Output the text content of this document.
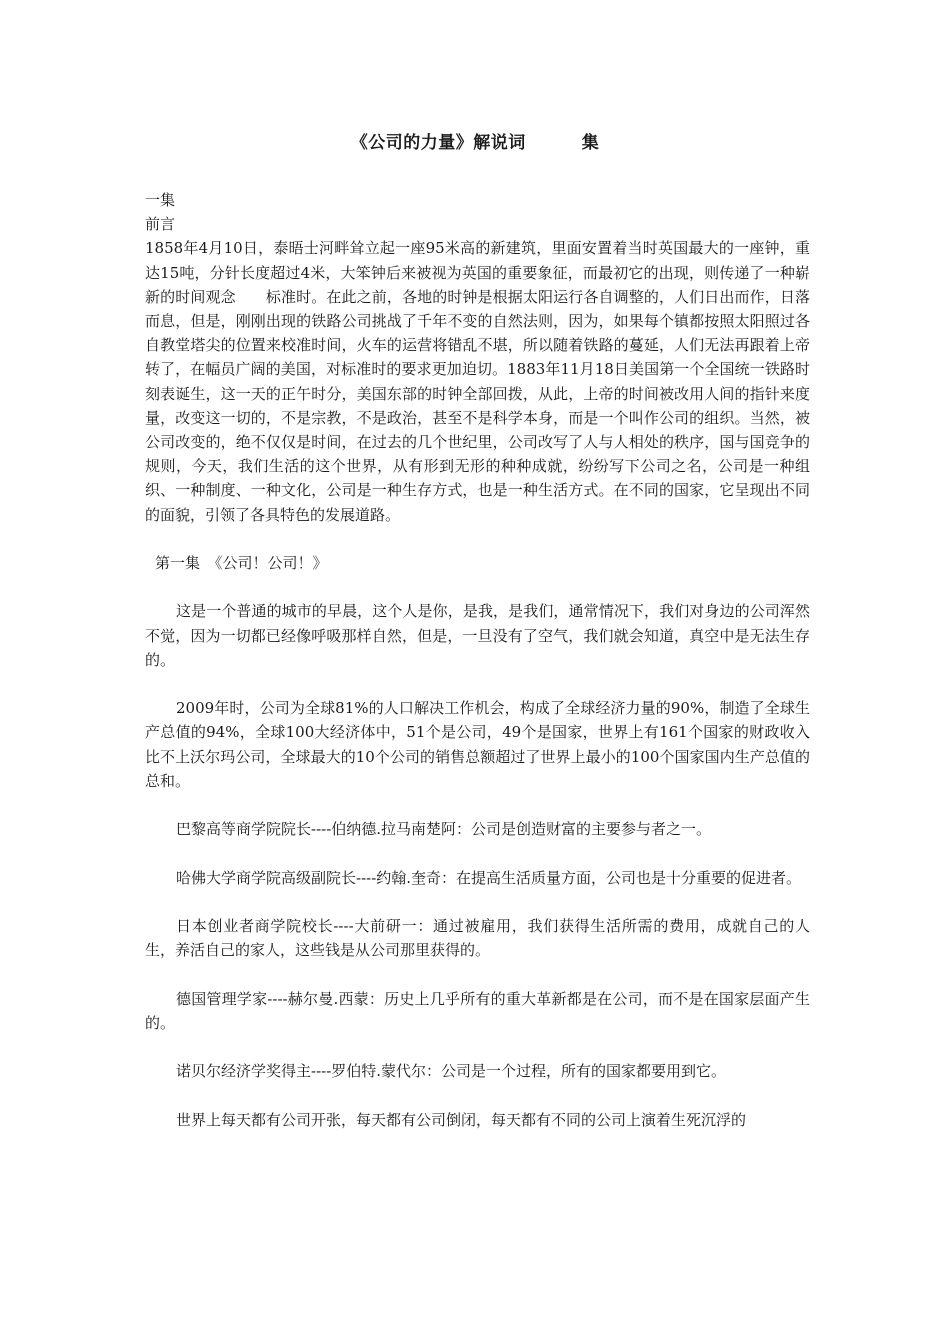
《公司的力量》解说词	集

一集

前言

1858年4月10日，泰晤士河畔耸立起一座95米高的新建筑，里面安置着当时英国最大的一座钟，重达15吨，分针长度超过4米，大笨钟后来被视为英国的重要象征，而最初它的出现，则传递了一种崭新的时间观念　　标准时。在此之前，各地的时钟是根据太阳运行各自调整的，人们日出而作，日落而息，但是，刚刚出现的铁路公司挑战了千年不变的自然法则，因为，如果每个镇都按照太阳照过各自教堂塔尖的位置来校准时间，火车的运营将错乱不堪，所以随着铁路的蔓延，人们无法再跟着上帝转了，在幅员广阔的美国，对标准时的要求更加迫切。1883年11月18日美国第一个全国统一铁路时刻表诞生，这一天的正午时分，美国东部的时钟全部回拨，从此，上帝的时间被改用人间的指针来度量，改变这一切的，不是宗教，不是政治，甚至不是科学本身，而是一个叫作公司的组织。当然，被公司改变的，绝不仅仅是时间，在过去的几个世纪里，公司改写了人与人相处的秩序，国与国竞争的规则，今天，我们生活的这个世界，从有形到无形的种种成就，纷纷写下公司之名，公司是一种组织、一种制度、一种文化，公司是一种生存方式，也是一种生活方式。在不同的国家，它呈现出不同的面貌，引领了各具特色的发展道路。

第一集　《公司！公司！》

这是一个普通的城市的早晨，这个人是你，是我，是我们，通常情况下，我们对身边的公司浑然不觉，因为一切都已经像呼吸那样自然，但是，一旦没有了空气，我们就会知道，真空中是无法生存的。

2009年时，公司为全球81%的人口解决工作机会，构成了全球经济力量的90%，制造了全球生产总值的94%，全球100大经济体中，51个是公司，49个是国家，世界上有161个国家的财政收入比不上沃尔玛公司，全球最大的10个公司的销售总额超过了世界上最小的100个国家国内生产总值的总和。

巴黎高等商学院院长----伯纳德.拉马南楚阿：公司是创造财富的主要参与者之一。

哈佛大学商学院高级副院长----约翰.奎奇：在提高生活质量方面，公司也是十分重要的促进者。

日本创业者商学院校长----大前研一：通过被雇用，我们获得生活所需的费用，成就自己的人生，养活自己的家人，这些钱是从公司那里获得的。

德国管理学家----赫尔曼.西蒙：历史上几乎所有的重大革新都是在公司，而不是在国家层面产生的。

诺贝尔经济学奖得主----罗伯特.蒙代尔：公司是一个过程，所有的国家都要用到它。

世界上每天都有公司开张，每天都有公司倒闭，每天都有不同的公司上演着生死沉浮的
